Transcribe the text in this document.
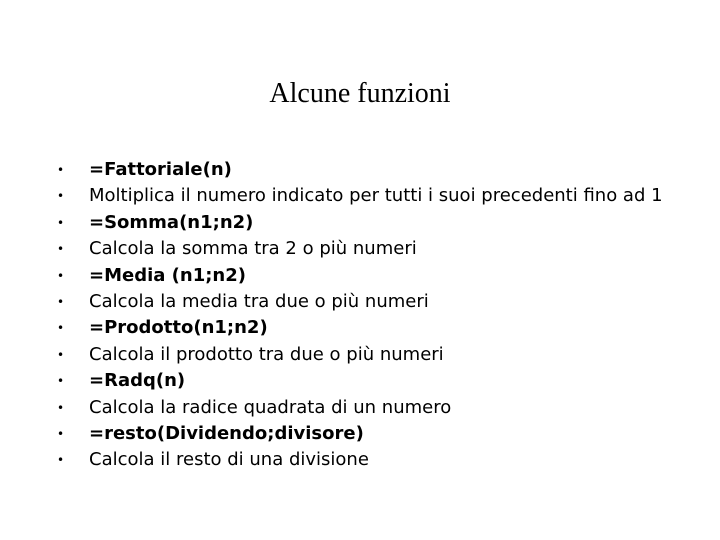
Alcune funzioni
•	=Fattoriale(n)
•	Moltiplica il numero indicato per tutti i suoi precedenti fino ad 1
•	=Somma(n1;n2)
•	Calcola la somma tra 2 o più numeri
•	=Media (n1;n2)
•	Calcola la media tra due o più numeri
•	=Prodotto(n1;n2)
•	Calcola il prodotto tra due o più numeri
•	=Radq(n)
•	Calcola la radice quadrata di un numero
•	=resto(Dividendo;divisore)
•	Calcola il resto di una divisione
